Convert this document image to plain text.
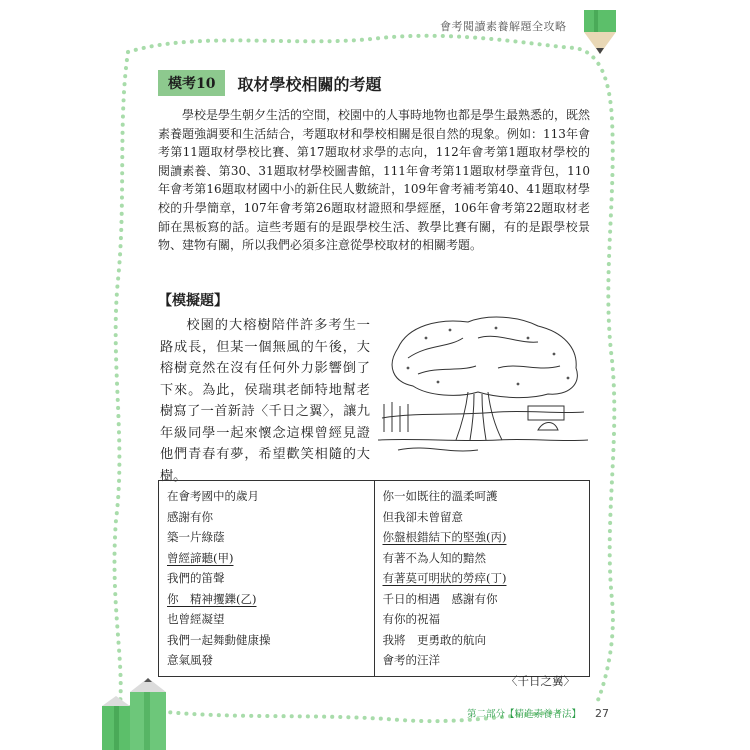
會考閱讀素養解題全攻略
模考10	取材學校相關的考題

學校是學生朝夕生活的空間，校園中的人事時地物也都是學生最熟悉的，既然素養題強調要和生活結合，考題取材和學校相關是很自然的現象。例如：113年會考第11題取材學校比賽、第17題取材求學的志向，112年會考第1題取材學校的閱讀素養、第30、31題取材學校圖書館，111年會考第11題取材學童背包，110年會考第16題取材國中小的新住民人數統計，109年會考補考第40、41題取材學校的升學簡章，107年會考第26題取材證照和學經歷，106年會考第22題取材老師在黑板寫的話。這些考題有的是跟學校生活、教學比賽有關，有的是跟學校景物、建物有關，所以我們必須多注意從學校取材的相關考題。

【模擬題】

校園的大榕樹陪伴許多考生一路成長，但某一個無風的午後，大榕樹竟然在沒有任何外力影響倒了下來。為此，侯瑞琪老師特地幫老樹寫了一首新詩〈千日之翼〉，讓九年級同學一起來懷念這棵曾經見證他們青春有夢，希望歡笑相隨的大樹。

在會考國中的歲月
感謝有你
築一片綠蔭
曾經諦聽(甲)
我們的笛聲
你　精神攫鑠(乙)
也曾經凝望
我們一起舞動健康操
意氣風發
你一如既往的溫柔呵護
但我卻未曾留意
你盤根錯結下的堅強(丙)
有著不為人知的黯然
有著莫可明狀的勞瘁(丁)
千日的相遇　感謝有你
有你的祝福
我將　更勇敢的航向
會考的汪洋
〈千日之翼〉
第二部分【精進素養者法】 27
